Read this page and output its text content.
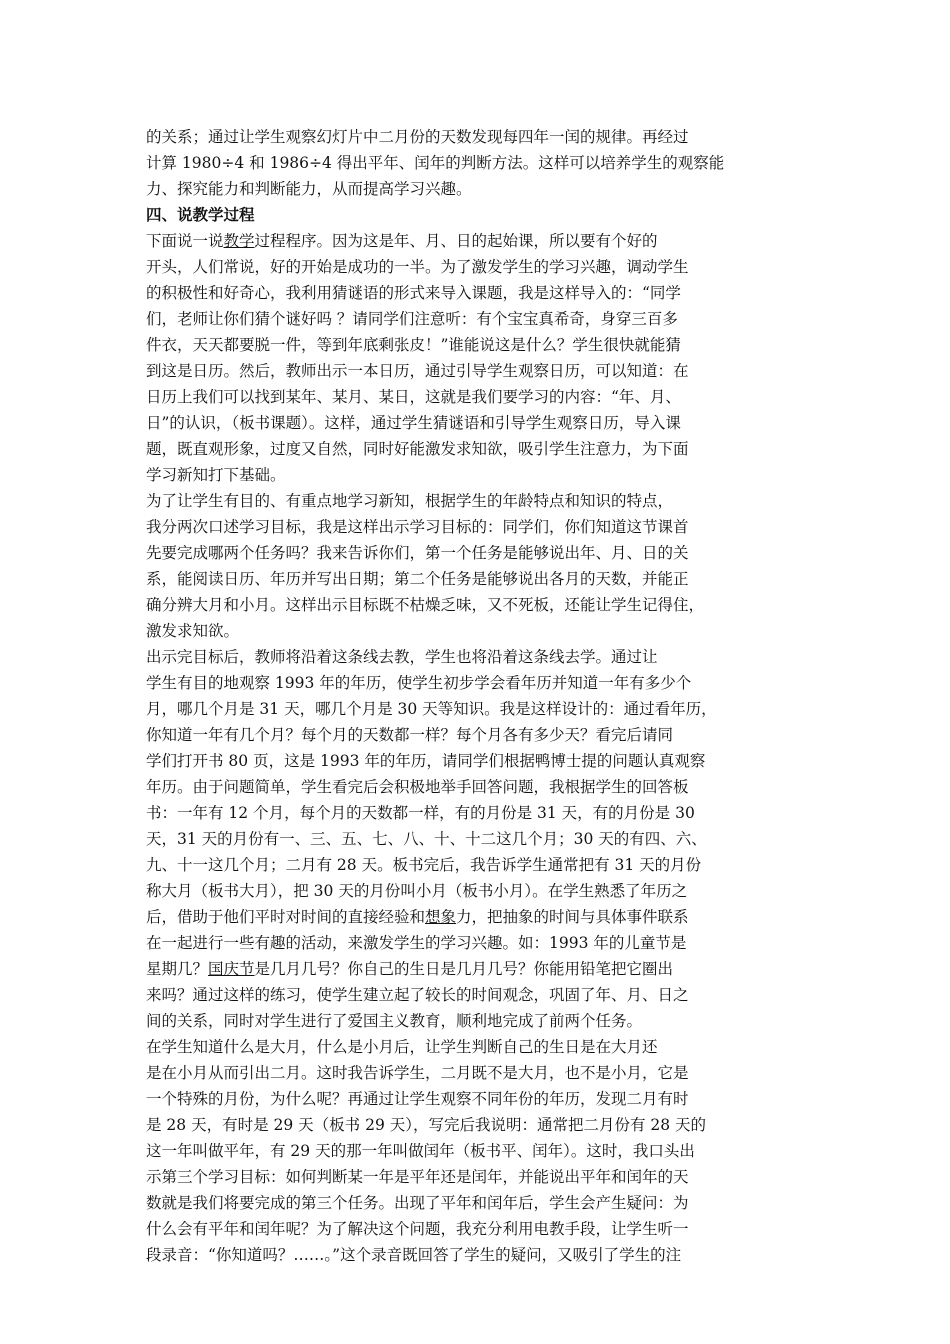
的关系；通过让学生观察幻灯片中二月份的天数发现每四年一闰的规律。再经过
计算 1980÷4 和 1986÷4 得出平年、闰年的判断方法。这样可以培养学生的观察能
力、探究能力和判断能力，从而提高学习兴趣。
四、说教学过程
下面说一说教学过程程序。因为这是年、月、日的起始课，所以要有个好的
开头，人们常说，好的开始是成功的一半。为了激发学生的学习兴趣，调动学生
的积极性和好奇心，我利用猜谜语的形式来导入课题，我是这样导入的：“同学
们，老师让你们猜个谜好吗 ？请同学们注意听：有个宝宝真希奇，身穿三百多
件衣，天天都要脱一件，等到年底剩张皮！”谁能说这是什么？学生很快就能猜
到这是日历。然后，教师出示一本日历，通过引导学生观察日历，可以知道：在
日历上我们可以找到某年、某月、某日，这就是我们要学习的内容：“年、月、
日”的认识，（板书课题）。这样，通过学生猜谜语和引导学生观察日历，导入课
题，既直观形象，过度又自然，同时好能激发求知欲，吸引学生注意力，为下面
学习新知打下基础。
为了让学生有目的、有重点地学习新知，根据学生的年龄特点和知识的特点，
我分两次口述学习目标，我是这样出示学习目标的：同学们，你们知道这节课首
先要完成哪两个任务吗？我来告诉你们，第一个任务是能够说出年、月、日的关
系，能阅读日历、年历并写出日期；第二个任务是能够说出各月的天数，并能正
确分辨大月和小月。这样出示目标既不枯燥乏味，又不死板，还能让学生记得住，
激发求知欲。
出示完目标后，教师将沿着这条线去教，学生也将沿着这条线去学。通过让
学生有目的地观察 1993 年的年历，使学生初步学会看年历并知道一年有多少个
月，哪几个月是 31 天，哪几个月是 30 天等知识。我是这样设计的：通过看年历，
你知道一年有几个月？每个月的天数都一样？每个月各有多少天？看完后请同
学们打开书 80 页，这是 1993 年的年历，请同学们根据鸭博士提的问题认真观察
年历。由于问题简单，学生看完后会积极地举手回答问题，我根据学生的回答板
书：一年有 12 个月，每个月的天数都一样，有的月份是 31 天，有的月份是 30
天，31 天的月份有一、三、五、七、八、十、十二这几个月；30 天的有四、六、
九、十一这几个月；二月有 28 天。板书完后，我告诉学生通常把有 31 天的月份
称大月（板书大月），把 30 天的月份叫小月（板书小月）。在学生熟悉了年历之
后，借助于他们平时对时间的直接经验和想象力，把抽象的时间与具体事件联系
在一起进行一些有趣的活动，来激发学生的学习兴趣。如：1993 年的儿童节是
星期几？国庆节是几月几号？你自己的生日是几月几号？你能用铅笔把它圈出
来吗？通过这样的练习，使学生建立起了较长的时间观念，巩固了年、月、日之
间的关系，同时对学生进行了爱国主义教育，顺利地完成了前两个任务。
在学生知道什么是大月，什么是小月后，让学生判断自己的生日是在大月还
是在小月从而引出二月。这时我告诉学生，二月既不是大月，也不是小月，它是
一个特殊的月份，为什么呢？再通过让学生观察不同年份的年历，发现二月有时
是 28 天，有时是 29 天（板书 29 天），写完后我说明：通常把二月份有 28 天的
这一年叫做平年，有 29 天的那一年叫做闰年（板书平、闰年）。这时，我口头出
示第三个学习目标：如何判断某一年是平年还是闰年，并能说出平年和闰年的天
数就是我们将要完成的第三个任务。出现了平年和闰年后，学生会产生疑问：为
什么会有平年和闰年呢？为了解决这个问题，我充分利用电教手段，让学生听一
段录音：“你知道吗？……。”这个录音既回答了学生的疑问，又吸引了学生的注
